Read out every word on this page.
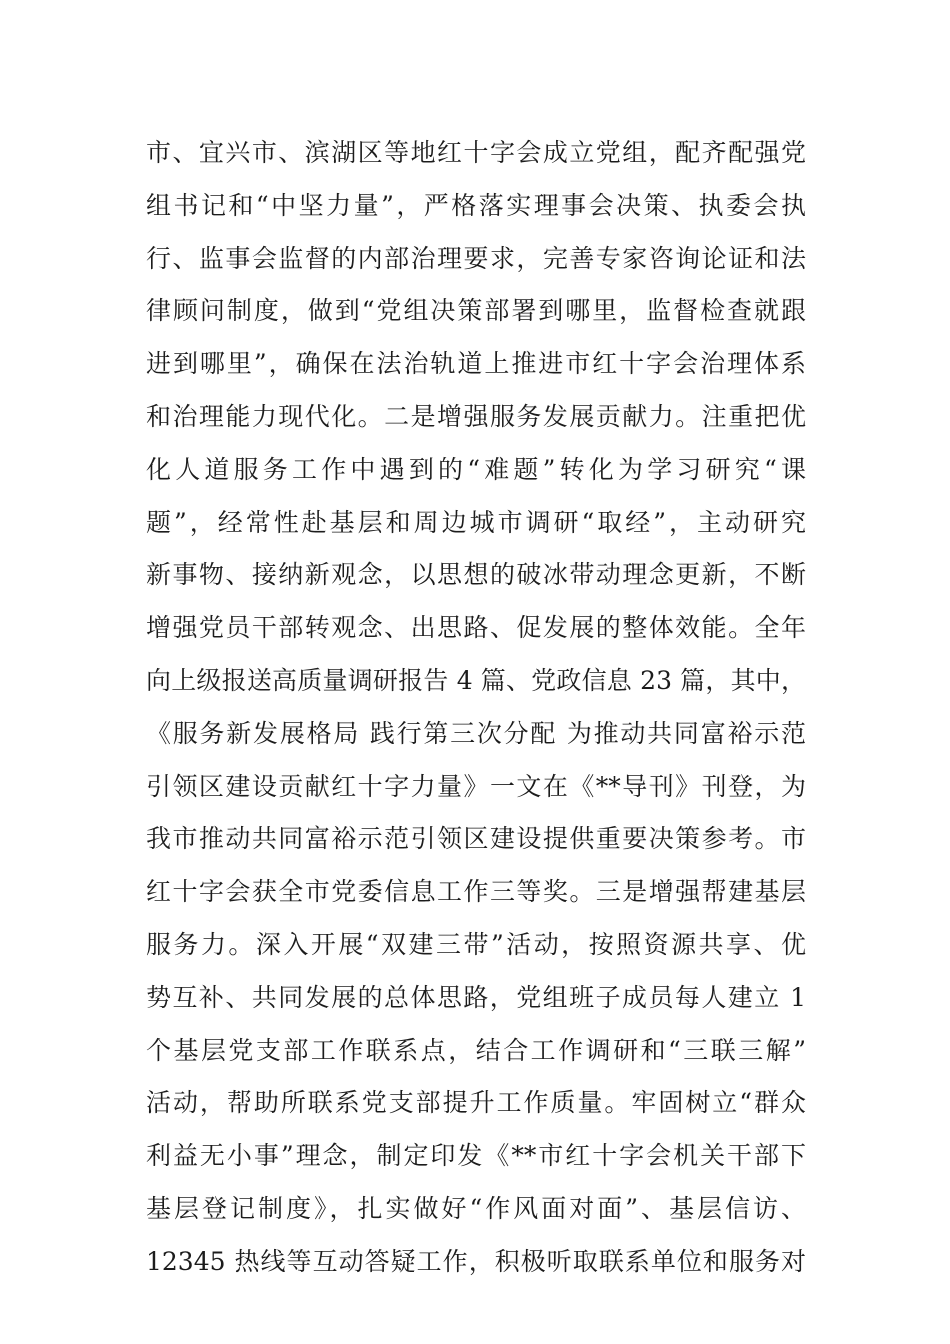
市、宜兴市、滨湖区等地红十字会成立党组，配齐配强党
组书记和“中坚力量”，严格落实理事会决策、执委会执
行、监事会监督的内部治理要求，完善专家咨询论证和法
律顾问制度，做到“党组决策部署到哪里，监督检查就跟
进到哪里”，确保在法治轨道上推进市红十字会治理体系
和治理能力现代化。二是增强服务发展贡献力。注重把优
化人道服务工作中遇到的“难题”转化为学习研究“课
题”，经常性赴基层和周边城市调研“取经”，主动研究
新事物、接纳新观念，以思想的破冰带动理念更新，不断
增强党员干部转观念、出思路、促发展的整体效能。全年
向上级报送高质量调研报告 4 篇、党政信息 23 篇，其中，
《服务新发展格局 践行第三次分配 为推动共同富裕示范
引领区建设贡献红十字力量》一文在《**导刊》刊登，为
我市推动共同富裕示范引领区建设提供重要决策参考。市
红十字会获全市党委信息工作三等奖。三是增强帮建基层
服务力。深入开展“双建三带”活动，按照资源共享、优
势互补、共同发展的总体思路，党组班子成员每人建立 1
个基层党支部工作联系点，结合工作调研和“三联三解”
活动，帮助所联系党支部提升工作质量。牢固树立“群众
利益无小事”理念，制定印发《**市红十字会机关干部下
基层登记制度》，扎实做好“作风面对面”、基层信访、
12345 热线等互动答疑工作，积极听取联系单位和服务对
